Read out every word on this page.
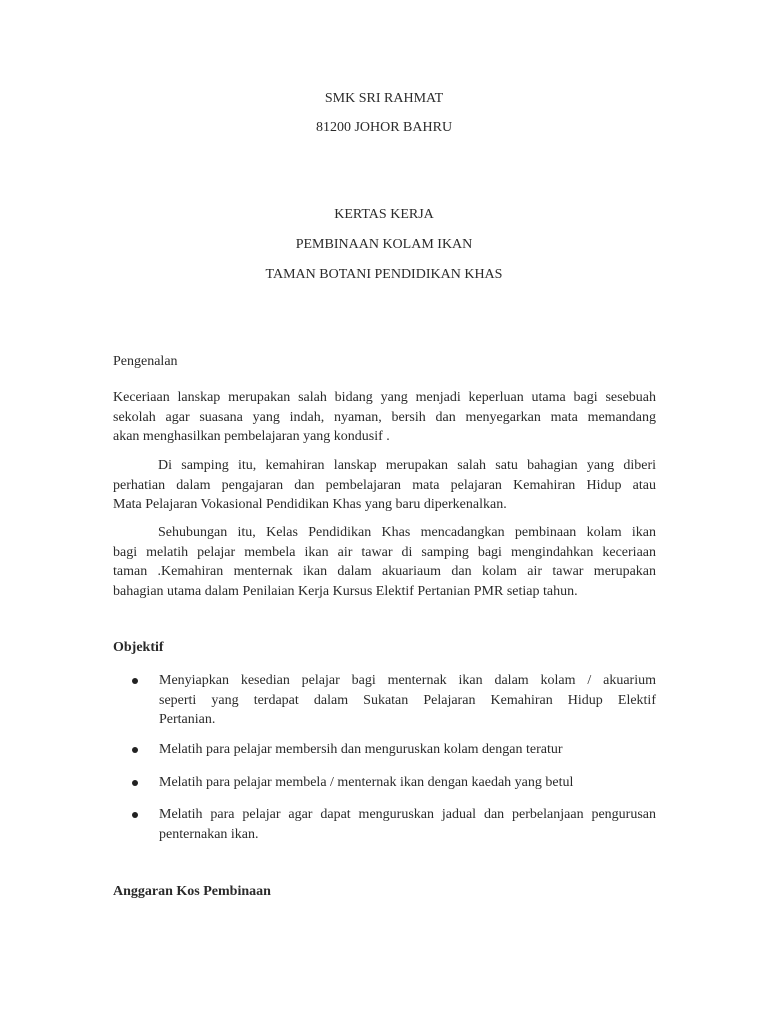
SMK SRI RAHMAT
81200 JOHOR BAHRU
KERTAS KERJA
PEMBINAAN KOLAM IKAN
TAMAN BOTANI PENDIDIKAN KHAS
Pengenalan
Keceriaan lanskap merupakan salah bidang yang menjadi keperluan utama bagi sesebuah
sekolah agar suasana yang indah, nyaman, bersih dan menyegarkan mata memandang
akan menghasilkan pembelajaran yang kondusif .
Di samping itu, kemahiran lanskap merupakan salah satu bahagian yang diberi
perhatian dalam pengajaran dan pembelajaran mata pelajaran Kemahiran Hidup atau
Mata Pelajaran Vokasional Pendidikan Khas yang baru diperkenalkan.
Sehubungan itu, Kelas Pendidikan Khas mencadangkan pembinaan kolam ikan
bagi melatih pelajar membela ikan air tawar di samping bagi mengindahkan keceriaan
taman .Kemahiran menternak ikan dalam akuariaum dan kolam air tawar merupakan
bahagian utama dalam Penilaian Kerja Kursus Elektif Pertanian PMR setiap tahun.
Objektif
Menyiapkan kesedian pelajar bagi menternak ikan dalam kolam / akuarium
seperti yang terdapat dalam Sukatan Pelajaran Kemahiran Hidup Elektif
Pertanian.
Melatih para pelajar membersih dan menguruskan kolam dengan teratur
Melatih para pelajar membela / menternak ikan dengan kaedah yang betul
Melatih para pelajar agar dapat menguruskan jadual dan perbelanjaan pengurusan
penternakan ikan.
Anggaran Kos Pembinaan
